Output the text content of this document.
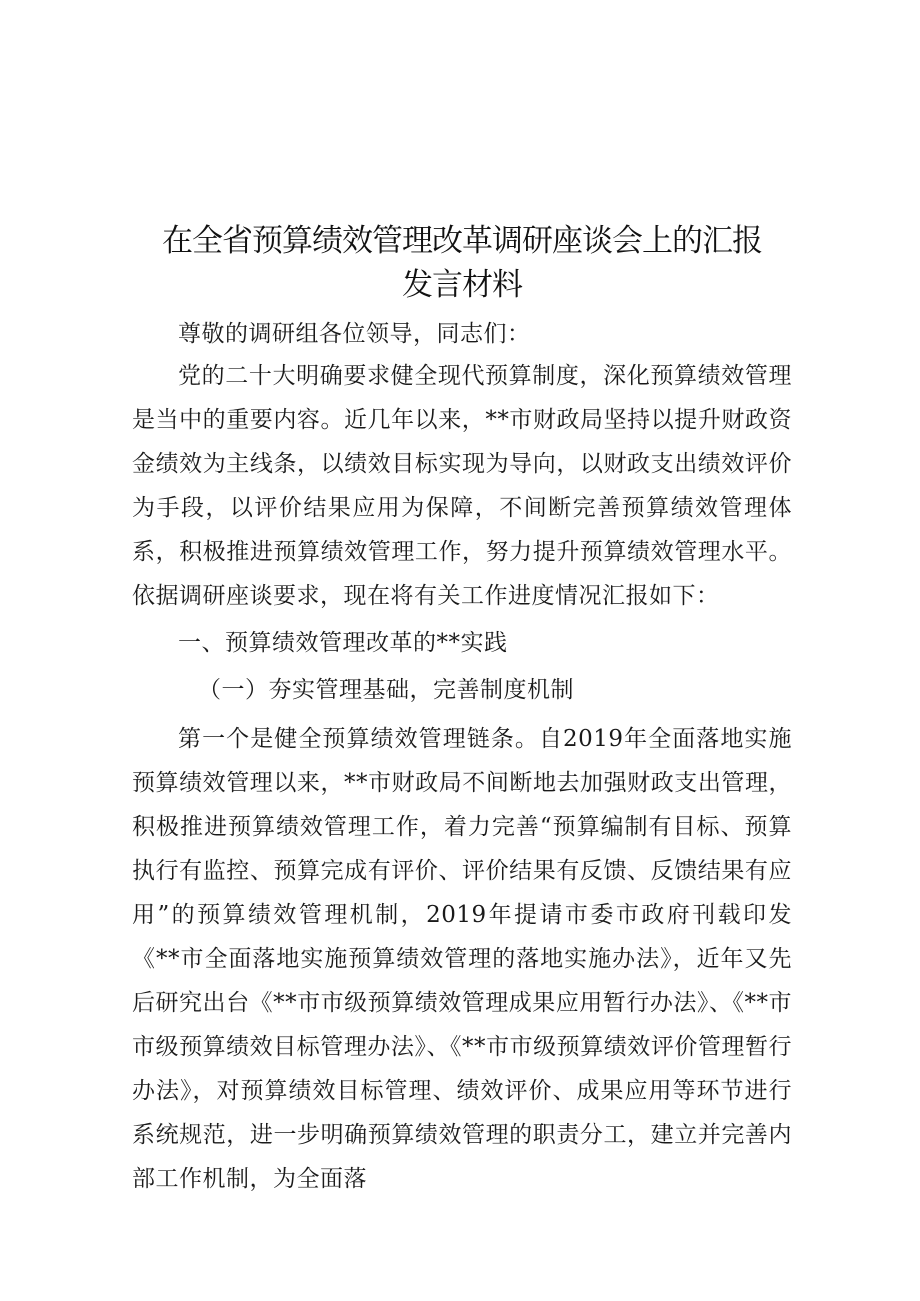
在全省预算绩效管理改革调研座谈会上的汇报
发言材料

尊敬的调研组各位领导，同志们：

党的二十大明确要求健全现代预算制度，深化预算绩效管理是当中的重要内容。近几年以来，**市财政局坚持以提升财政资金绩效为主线条，以绩效目标实现为导向，以财政支出绩效评价为手段，以评价结果应用为保障，不间断完善预算绩效管理体系，积极推进预算绩效管理工作，努力提升预算绩效管理水平。依据调研座谈要求，现在将有关工作进度情况汇报如下：

一、预算绩效管理改革的**实践

（一）夯实管理基础，完善制度机制

第一个是健全预算绩效管理链条。自2019年全面落地实施预算绩效管理以来，**市财政局不间断地去加强财政支出管理，积极推进预算绩效管理工作，着力完善“预算编制有目标、预算执行有监控、预算完成有评价、评价结果有反馈、反馈结果有应用”的预算绩效管理机制，2019年提请市委市政府刊载印发《**市全面落地实施预算绩效管理的落地实施办法》，近年又先后研究出台《**市市级预算绩效管理成果应用暂行办法》、《**市市级预算绩效目标管理办法》、《**市市级预算绩效评价管理暂行办法》，对预算绩效目标管理、绩效评价、成果应用等环节进行系统规范，进一步明确预算绩效管理的职责分工，建立并完善内部工作机制，为全面落
